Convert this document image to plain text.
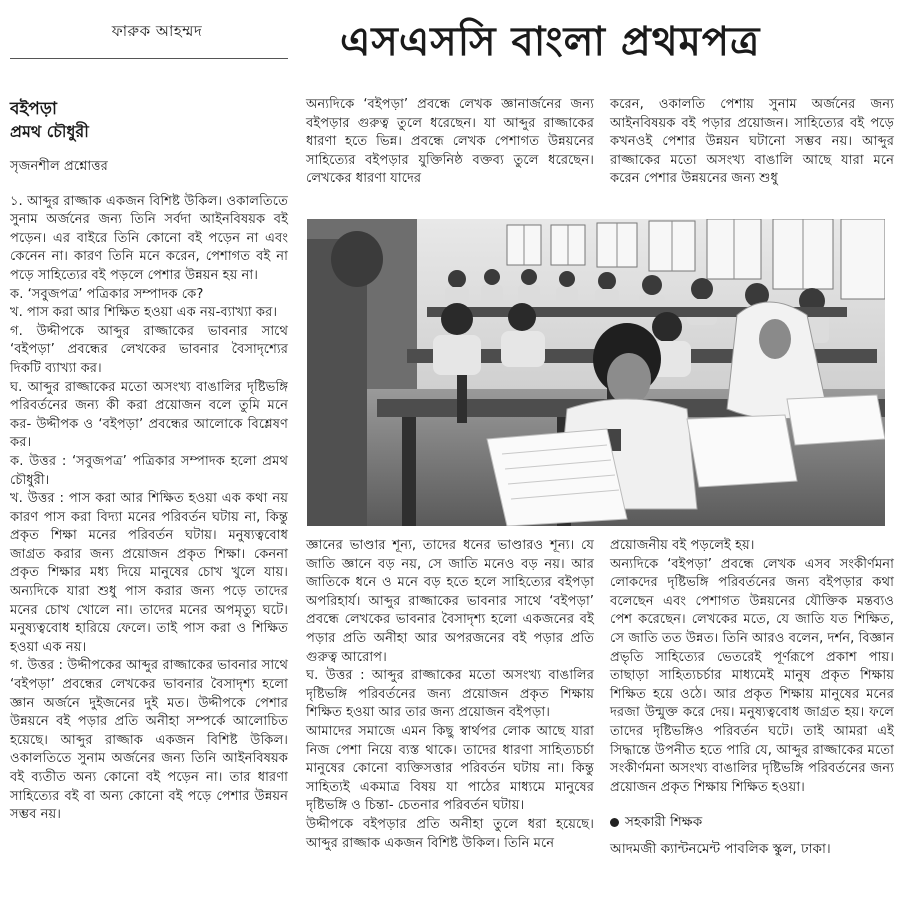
ফারুক আহম্মদ	এসএসসি বাংলা প্রথমপত্র

বইপড়া

প্রমথ চৌধুরী

সৃজনশীল প্রশ্নোত্তর

১. আব্দুর রাজ্জাক একজন বিশিষ্ট উকিল। ওকালতিতে সুনাম অর্জনের জন্য তিনি সর্বদা আইনবিষয়ক বই পড়েন। এর বাইরে তিনি কোনো বই পড়েন না এবং কেনেন না। কারণ তিনি মনে করেন, পেশাগত বই না পড়ে সাহিত্যের বই পড়লে পেশার উন্নয়ন হয় না।

ক. ‘সবুজপত্র’ পত্রিকার সম্পাদক কে?

খ. পাস করা আর শিক্ষিত হওয়া এক নয়-ব্যাখ্যা কর।

গ. উদ্দীপকে আব্দুর রাজ্জাকের ভাবনার সাথে ‘বইপড়া’ প্রবন্ধের লেখকের ভাবনার বৈসাদৃশ্যের দিকটি ব্যাখ্যা কর।

ঘ. আব্দুর রাজ্জাকের মতো অসংখ্য বাঙালির দৃষ্টিভঙ্গি পরিবর্তনের জন্য কী করা প্রয়োজন বলে তুমি মনে কর- উদ্দীপক ও ‘বইপড়া’ প্রবন্ধের আলোকে বিশ্লেষণ কর।

ক. উত্তর : ‘সবুজপত্র’ পত্রিকার সম্পাদক হলো প্রমথ চৌধুরী।

খ. উত্তর : পাস করা আর শিক্ষিত হওয়া এক কথা নয় কারণ পাস করা বিদ্যা মনের পরিবর্তন ঘটায় না, কিন্তু প্রকৃত শিক্ষা মনের পরিবর্তন ঘটায়। মনুষ্যত্ববোধ জাগ্রত করার জন্য প্রয়োজন প্রকৃত শিক্ষা। কেননা প্রকৃত শিক্ষার মধ্য দিয়ে মানুষের চোখ খুলে যায়। অন্যদিকে যারা শুধু পাস করার জন্য পড়ে তাদের মনের চোখ খোলে না। তাদের মনের অপমৃত্যু ঘটে। মনুষ্যত্ববোধ হারিয়ে ফেলে। তাই পাস করা ও শিক্ষিত হওয়া এক নয়।

গ. উত্তর : উদ্দীপকের আব্দুর রাজ্জাকের ভাবনার সাথে ‘বইপড়া’ প্রবন্ধের লেখকের ভাবনার বৈসাদৃশ্য হলো জ্ঞান অর্জনে দুইজনের দুই মত। উদ্দীপকে পেশার উন্নয়নে বই পড়ার প্রতি অনীহা সম্পর্কে আলোচিত হয়েছে। আব্দুর রাজ্জাক একজন বিশিষ্ট উকিল। ওকালতিতে সুনাম অর্জনের জন্য তিনি আইনবিষয়ক বই ব্যতীত অন্য কোনো বই পড়েন না। তার ধারণা সাহিত্যের বই বা অন্য কোনো বই পড়ে পেশার উন্নয়ন সম্ভব নয়।

অন্যদিকে ‘বইপড়া’ প্রবন্ধে লেখক জ্ঞানার্জনের জন্য বইপড়ার গুরুত্ব তুলে ধরেছেন। যা আব্দুর রাজ্জাকের ধারণা হতে ভিন্ন। প্রবন্ধে লেখক পেশাগত উন্নয়নের সাহিত্যের বইপড়ার যুক্তিনিষ্ঠ বক্তব্য তুলে ধরেছেন। লেখকের ধারণা যাদের

করেন, ওকালতি পেশায় সুনাম অর্জনের জন্য আইনবিষয়ক বই পড়ার প্রয়োজন। সাহিত্যের বই পড়ে কখনওই পেশার উন্নয়ন ঘটানো সম্ভব নয়। আব্দুর রাজ্জাকের মতো অসংখ্য বাঙালি আছে যারা মনে করেন পেশার উন্নয়নের জন্য শুধু

জ্ঞানের ভাণ্ডার শূন্য, তাদের ধনের ভাণ্ডারও শূন্য। যে জাতি জ্ঞানে বড় নয়, সে জাতি মনেও বড় নয়। আর জাতিকে ধনে ও মনে বড় হতে হলে সাহিত্যের বইপড়া অপরিহার্য। আব্দুর রাজ্জাকের ভাবনার সাথে ‘বইপড়া’ প্রবন্ধে লেখকের ভাবনার বৈসাদৃশ্য হলো একজনের বই পড়ার প্রতি অনীহা আর অপরজনের বই পড়ার প্রতি গুরুত্ব আরোপ।

ঘ. উত্তর : আব্দুর রাজ্জাকের মতো অসংখ্য বাঙালির দৃষ্টিভঙ্গি পরিবর্তনের জন্য প্রয়োজন প্রকৃত শিক্ষায় শিক্ষিত হওয়া আর তার জন্য প্রয়োজন বইপড়া।

আমাদের সমাজে এমন কিছু স্বার্থপর লোক আছে যারা নিজ পেশা নিয়ে ব্যস্ত থাকে। তাদের ধারণা সাহিত্যচর্চা মানুষের কোনো ব্যক্তিসত্তার পরিবর্তন ঘটায় না। কিন্তু সাহিত্যই একমাত্র বিষয় যা পাঠের মাধ্যমে মানুষের দৃষ্টিভঙ্গি ও চিন্তা- চেতনার পরিবর্তন ঘটায়।

উদ্দীপকে বইপড়ার প্রতি অনীহা তুলে ধরা হয়েছে। আব্দুর রাজ্জাক একজন বিশিষ্ট উকিল। তিনি মনে

প্রয়োজনীয় বই পড়লেই হয়।

অন্যদিকে ‘বইপড়া’ প্রবন্ধে লেখক এসব সংকীর্ণমনা লোকদের দৃষ্টিভঙ্গি পরিবর্তনের জন্য বইপড়ার কথা বলেছেন এবং পেশাগত উন্নয়নের যৌক্তিক মন্তব্যও পেশ করেছেন। লেখকের মতে, যে জাতি যত শিক্ষিত, সে জাতি তত উন্নত। তিনি আরও বলেন, দর্শন, বিজ্ঞান প্রভৃতি সাহিত্যের ভেতরেই পূর্ণরূপে প্রকাশ পায়। তাছাড়া সাহিত্যচর্চার মাধ্যমেই মানুষ প্রকৃত শিক্ষায় শিক্ষিত হয়ে ওঠে। আর প্রকৃত শিক্ষায় মানুষের মনের দরজা উন্মুক্ত করে দেয়। মনুষ্যত্ববোধ জাগ্রত হয়। ফলে তাদের দৃষ্টিভঙ্গিও পরিবর্তন ঘটে। তাই আমরা এই সিদ্ধান্তে উপনীত হতে পারি যে, আব্দুর রাজ্জাকের মতো সংকীর্ণমনা অসংখ্য বাঙালির দৃষ্টিভঙ্গি পরিবর্তনের জন্য প্রয়োজন প্রকৃত শিক্ষায় শিক্ষিত হওয়া।

সহকারী শিক্ষক

আদমজী ক্যান্টনমেন্ট পাবলিক স্কুল, ঢাকা।
